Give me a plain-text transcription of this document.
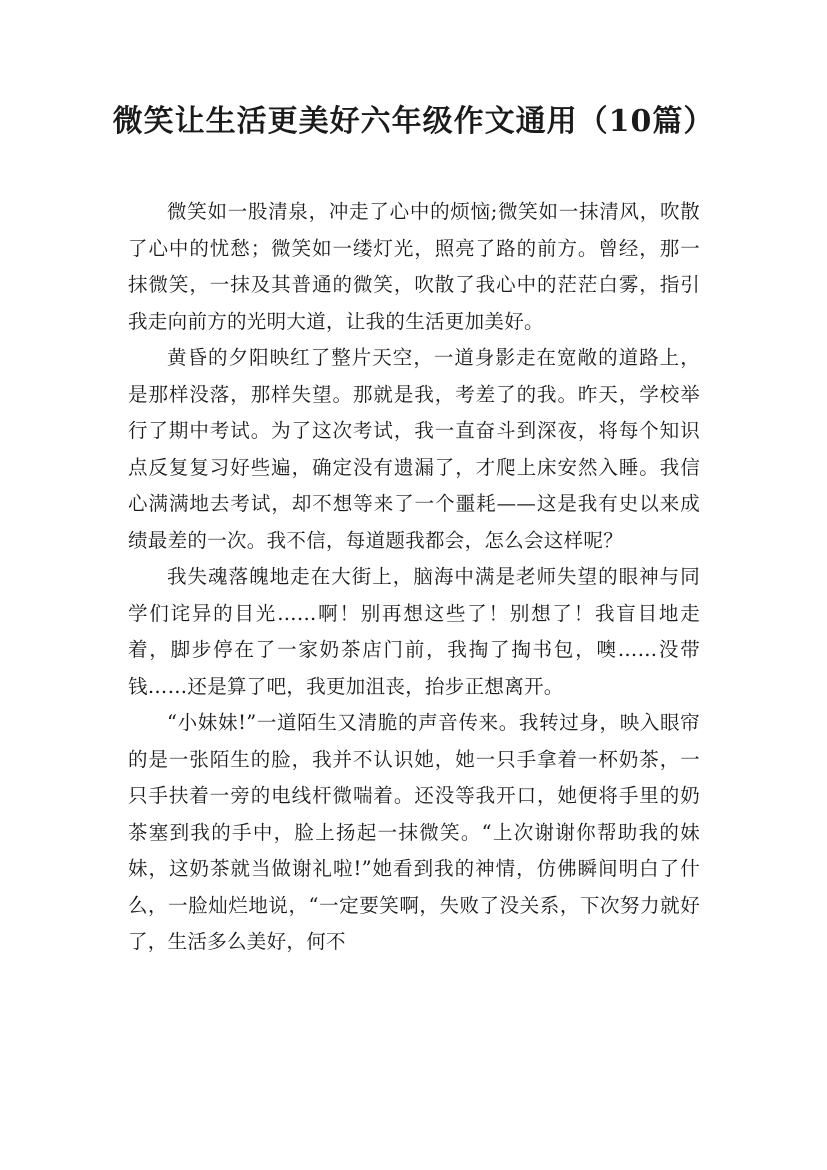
微笑让生活更美好六年级作文通用（10篇）

微笑如一股清泉，冲走了心中的烦恼;微笑如一抹清风，吹散了心中的忧愁；微笑如一缕灯光，照亮了路的前方。曾经，那一抹微笑，一抹及其普通的微笑，吹散了我心中的茫茫白雾，指引我走向前方的光明大道，让我的生活更加美好。

黄昏的夕阳映红了整片天空，一道身影走在宽敞的道路上，是那样没落，那样失望。那就是我，考差了的我。昨天，学校举行了期中考试。为了这次考试，我一直奋斗到深夜，将每个知识点反复复习好些遍，确定没有遗漏了，才爬上床安然入睡。我信心满满地去考试，却不想等来了一个噩耗——这是我有史以来成绩最差的一次。我不信，每道题我都会，怎么会这样呢？

我失魂落魄地走在大街上，脑海中满是老师失望的眼神与同学们诧异的目光……啊！别再想这些了！别想了！我盲目地走着，脚步停在了一家奶茶店门前，我掏了掏书包，噢……没带钱……还是算了吧，我更加沮丧，抬步正想离开。

“小妹妹!”一道陌生又清脆的声音传来。我转过身，映入眼帘的是一张陌生的脸，我并不认识她，她一只手拿着一杯奶茶，一只手扶着一旁的电线杆微喘着。还没等我开口，她便将手里的奶茶塞到我的手中，脸上扬起一抹微笑。“上次谢谢你帮助我的妹妹，这奶茶就当做谢礼啦!”她看到我的神情，仿佛瞬间明白了什么，一脸灿烂地说，“一定要笑啊，失败了没关系，下次努力就好了，生活多么美好，何不
